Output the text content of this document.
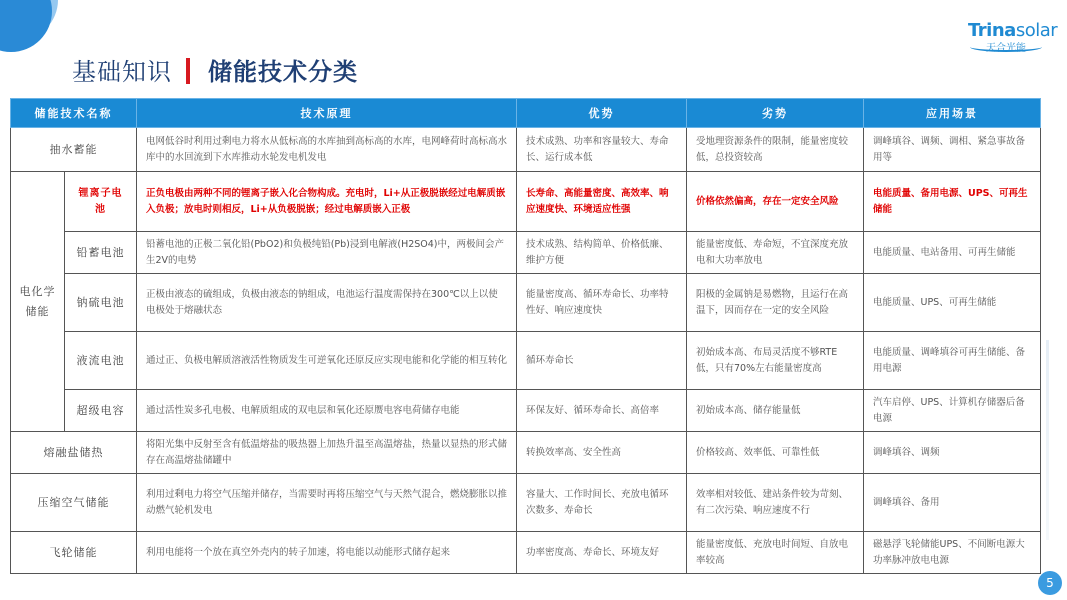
基础知识 储能技术分类
Trinasolar
天合光能
储能技术名称		技术原理	优势	劣势	应用场景
抽水蓄能		电网低谷时利用过剩电力将水从低标高的水库抽到高标高的水库，电网峰荷时高标高水库中的水回流到下水库推动水轮发电机发电	技术成熟、功率和容量较大、寿命长、运行成本低	受地理资源条件的限制，能量密度较低，总投资较高	调峰填谷、调频、调相、紧急事故备用等
电化学储能	锂离子电池	正负电极由两种不同的锂离子嵌入化合物构成。充电时，Li+从正极脱嵌经过电解质嵌入负极；放电时则相反，Li+从负极脱嵌；经过电解质嵌入正极	长寿命、高能量密度、高效率、响应速度快、环境适应性强	价格依然偏高，存在一定安全风险	电能质量、备用电源、UPS、可再生储能
	铅蓄电池	铅蓄电池的正极二氧化铅(PbO2)和负极纯铅(Pb)浸到电解液(H2SO4)中，两极间会产生2V的电势	技术成熟、结构简单、价格低廉、维护方便	能量密度低、寿命短，不宜深度充放电和大功率放电	电能质量、电站备用、可再生储能
	钠硫电池	正极由液态的硫组成，负极由液态的钠组成，电池运行温度需保持在300℃以上以使电极处于熔融状态	能量密度高、循环寿命长、功率特性好、响应速度快	阳极的金属钠是易燃物，且运行在高温下，因而存在一定的安全风险	电能质量、UPS、可再生储能
	液流电池	通过正、负极电解质溶液活性物质发生可逆氧化还原反应实现电能和化学能的相互转化	循环寿命长	初始成本高、布局灵活度不够RTE低，只有70%左右能量密度高	电能质量、调峰填谷可再生储能、备用电源
	超级电容	通过活性炭多孔电极、电解质组成的双电层和氧化还原赝电容电荷储存电能	环保友好、循环寿命长、高倍率	初始成本高、储存能量低	汽车启停、UPS、计算机存储器后备电源
熔融盐储热		将阳光集中反射至含有低温熔盐的吸热器上加热升温至高温熔盐，热量以显热的形式储存在高温熔盐储罐中	转换效率高、安全性高	价格较高、效率低、可靠性低	调峰填谷、调频
压缩空气储能		利用过剩电力将空气压缩并储存，当需要时再将压缩空气与天然气混合，燃烧膨胀以推动燃气轮机发电	容量大、工作时间长、充放电循环次数多、寿命长	效率相对较低、建站条件较为苛刻、有二次污染、响应速度不行	调峰填谷、备用
飞轮储能		利用电能将一个放在真空外壳内的转子加速，将电能以动能形式储存起来	功率密度高、寿命长、环境友好	能量密度低、充放电时间短、自放电率较高	磁悬浮飞轮储能UPS、不间断电源大功率脉冲放电电源
5
